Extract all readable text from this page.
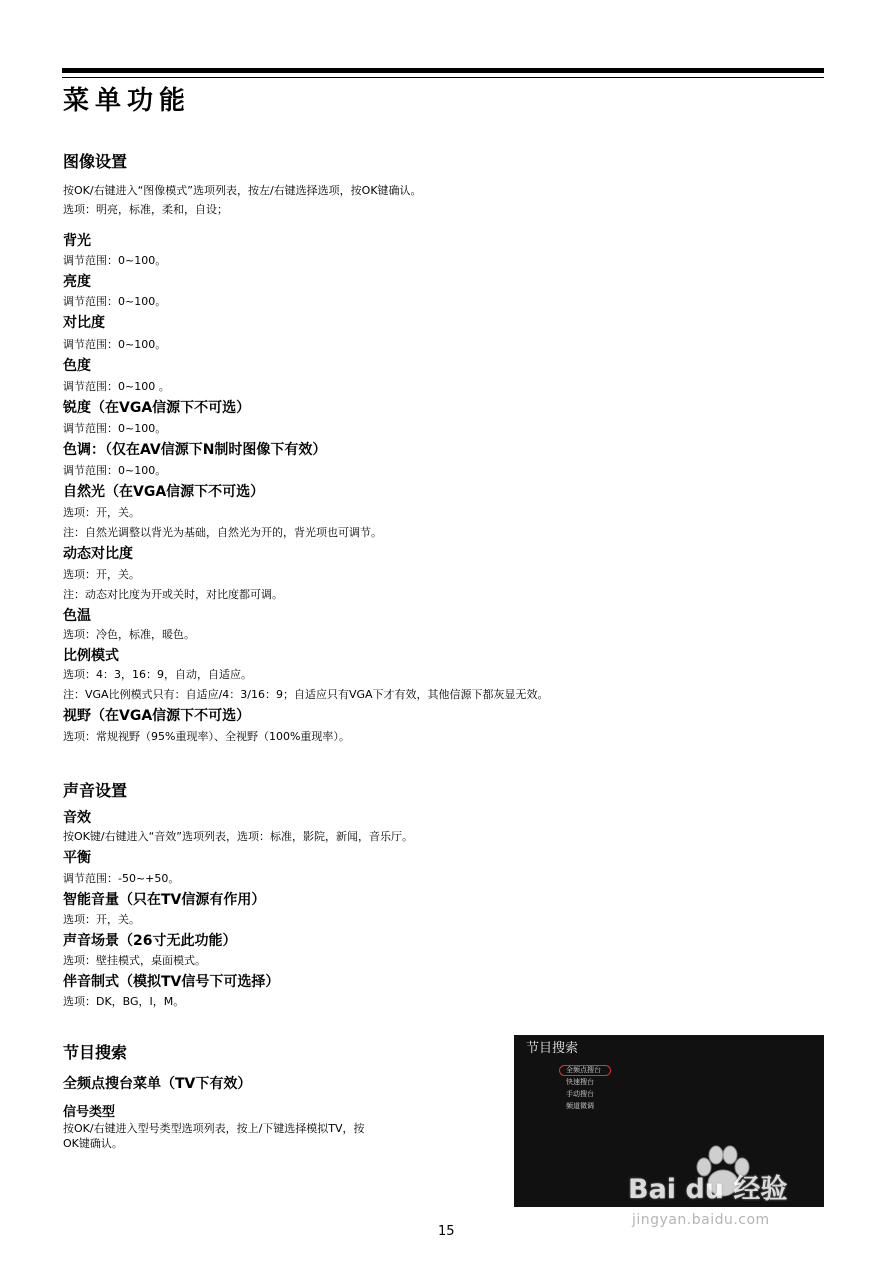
菜单功能
图像设置
按OK/右键进入“图像模式”选项列表，按左/右键选择选项，按OK键确认。
选项：明亮，标准，柔和，自设；
背光
调节范围：0~100。
亮度
调节范围：0~100。
对比度
调节范围：0~100。
色度
调节范围：0~100 。
锐度（在VGA信源下不可选）
调节范围：0~100。
色调：（仅在AV信源下N制时图像下有效）
调节范围：0~100。
自然光（在VGA信源下不可选）
选项：开，关。
注：自然光调整以背光为基础，自然光为开的，背光项也可调节。
动态对比度
选项：开，关。
注：动态对比度为开或关时，对比度都可调。
色温
选项：冷色，标准，暖色。
比例模式
选项：4：3，16：9，自动，自适应。
注：VGA比例模式只有：自适应/4：3/16：9；自适应只有VGA下才有效，其他信源下都灰显无效。
视野（在VGA信源下不可选）
选项：常规视野（95%重现率）、全视野（100%重现率）。
声音设置
音效
按OK键/右键进入“音效”选项列表，选项：标准，影院，新闻，音乐厅。
平衡
调节范围：-50~+50。
智能音量（只在TV信源有作用）
选项：开，关。
声音场景（26寸无此功能）
选项：壁挂模式，桌面模式。
伴音制式（模拟TV信号下可选择）
选项：DK，BG，I，M。
节目搜索
全频点搜台菜单（TV下有效）
信号类型
按OK/右键进入型号类型选项列表，按上/下键选择模拟TV，按
OK键确认。
节目搜索
全频点搜台
快速搜台
手动搜台
频道微调
Bai du 经验
jingyan.baidu.com
15
